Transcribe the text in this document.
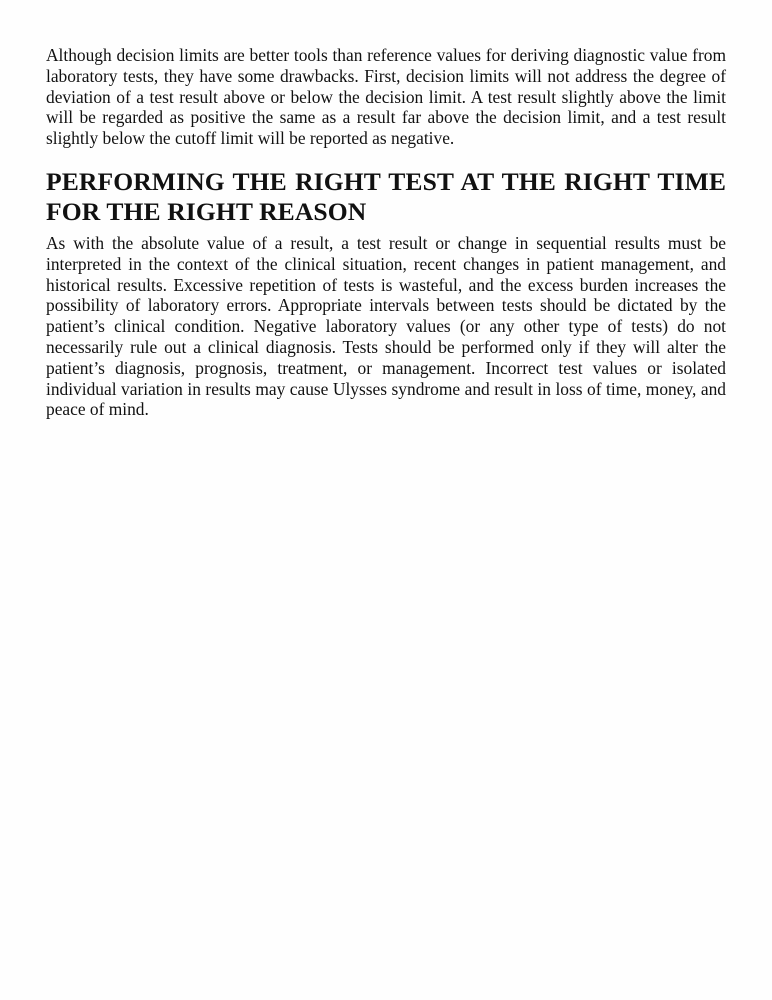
Although decision limits are better tools than reference values for deriving diagnostic value from laboratory tests, they have some drawbacks. First, decision limits will not address the degree of deviation of a test result above or below the decision limit. A test result slightly above the limit will be regarded as positive the same as a result far above the decision limit, and a test result slightly below the cutoff limit will be reported as negative.

PERFORMING THE RIGHT TEST AT THE RIGHT TIME FOR THE RIGHT REASON

As with the absolute value of a result, a test result or change in sequential results must be interpreted in the context of the clinical situation, recent changes in patient management, and historical results. Excessive repetition of tests is wasteful, and the excess burden increases the possibility of laboratory errors. Appropriate intervals between tests should be dictated by the patient’s clinical condition. Negative laboratory values (or any other type of tests) do not necessarily rule out a clinical diagnosis. Tests should be performed only if they will alter the patient’s diagnosis, prognosis, treatment, or management. Incorrect test values or isolated individual variation in results may cause Ulysses syndrome and result in loss of time, money, and peace of mind.
